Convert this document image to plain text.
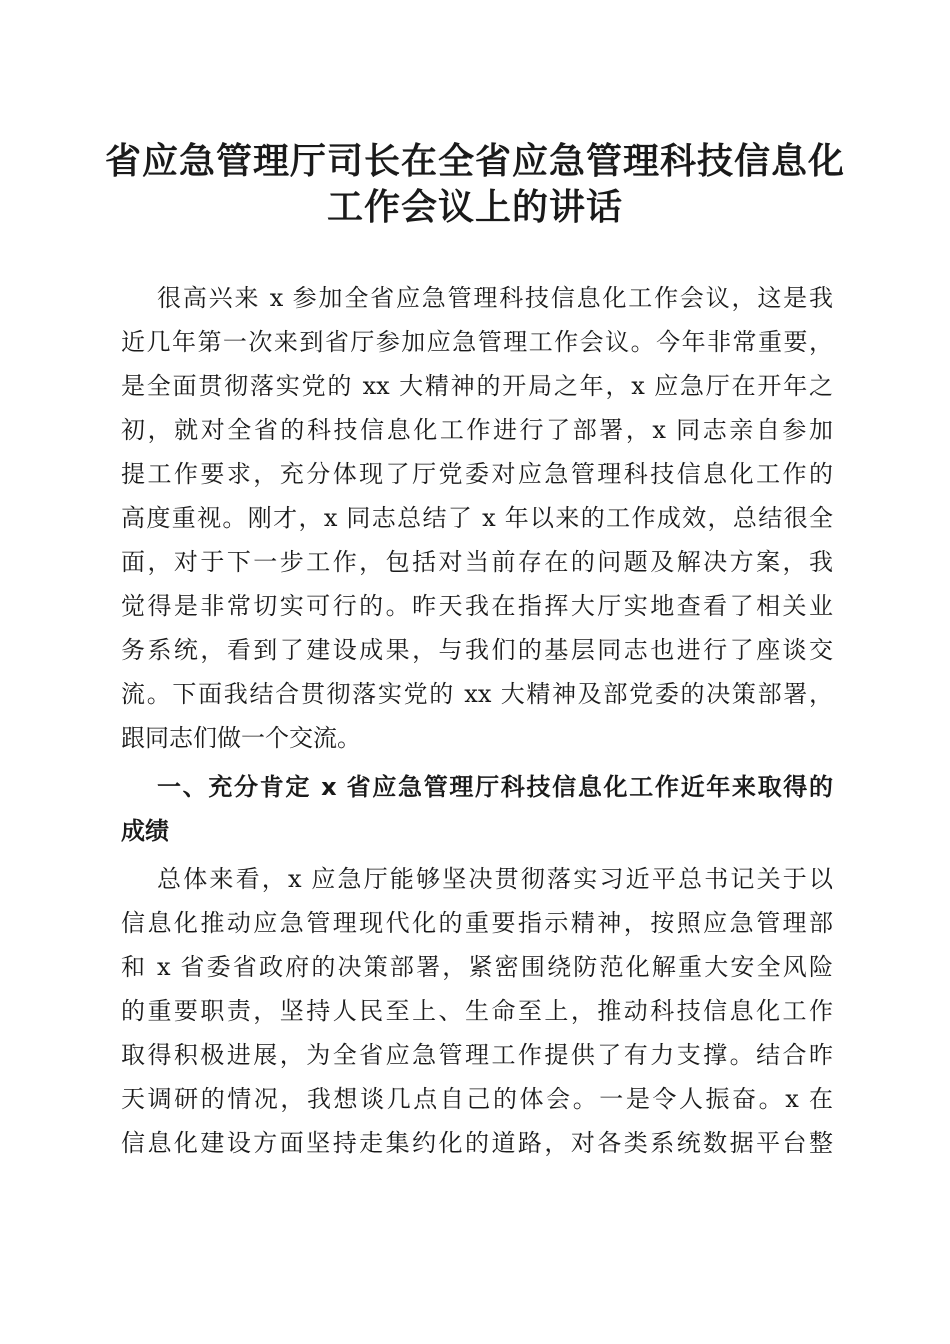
省应急管理厅司长在全省应急管理科技信息化
工作会议上的讲话

很高兴来 x 参加全省应急管理科技信息化工作会议，这是我

近几年第一次来到省厅参加应急管理工作会议。今年非常重要，

是全面贯彻落实党的 xx 大精神的开局之年，x 应急厅在开年之

初，就对全省的科技信息化工作进行了部署，x 同志亲自参加

提工作要求，充分体现了厅党委对应急管理科技信息化工作的

高度重视。刚才，x 同志总结了 x 年以来的工作成效，总结很全

面，对于下一步工作，包括对当前存在的问题及解决方案，我

觉得是非常切实可行的。昨天我在指挥大厅实地查看了相关业

务系统，看到了建设成果，与我们的基层同志也进行了座谈交

流。下面我结合贯彻落实党的 xx 大精神及部党委的决策部署，

跟同志们做一个交流。

一、充分肯定 x 省应急管理厅科技信息化工作近年来取得的
成绩

总体来看，x 应急厅能够坚决贯彻落实习近平总书记关于以

信息化推动应急管理现代化的重要指示精神，按照应急管理部

和 x 省委省政府的决策部署，紧密围绕防范化解重大安全风险

的重要职责，坚持人民至上、生命至上，推动科技信息化工作

取得积极进展，为全省应急管理工作提供了有力支撑。结合昨

天调研的情况，我想谈几点自己的体会。一是令人振奋。x 在

信息化建设方面坚持走集约化的道路，对各类系统数据平台整
